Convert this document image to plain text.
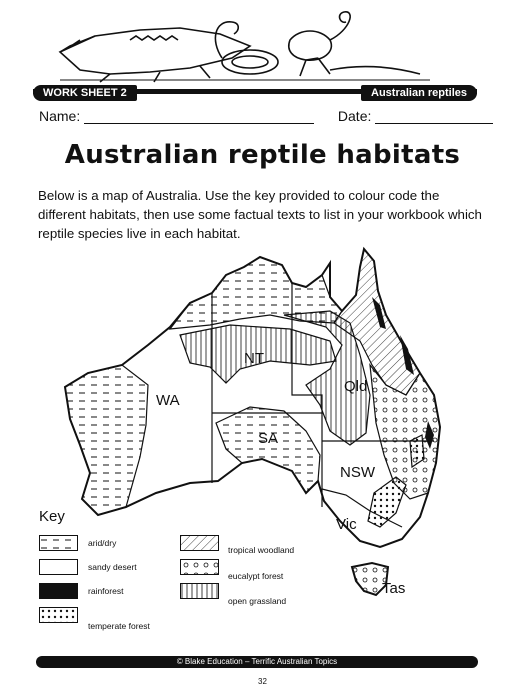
WORK SHEET 2	Australian reptiles
Name:	Date:
Australian reptile habitats
Below is a map of Australia. Use the key provided to colour code the different habitats, then use some factual texts to list in your workbook which reptile species live in each habitat.
NT
WA
Qld
SA
NSW
Vic
Tas
Key
arid/dry
sandy desert
rainforest
temperate forest
tropical woodland
eucalypt forest
open grassland
© Blake Education – Terrific Australian Topics
32
